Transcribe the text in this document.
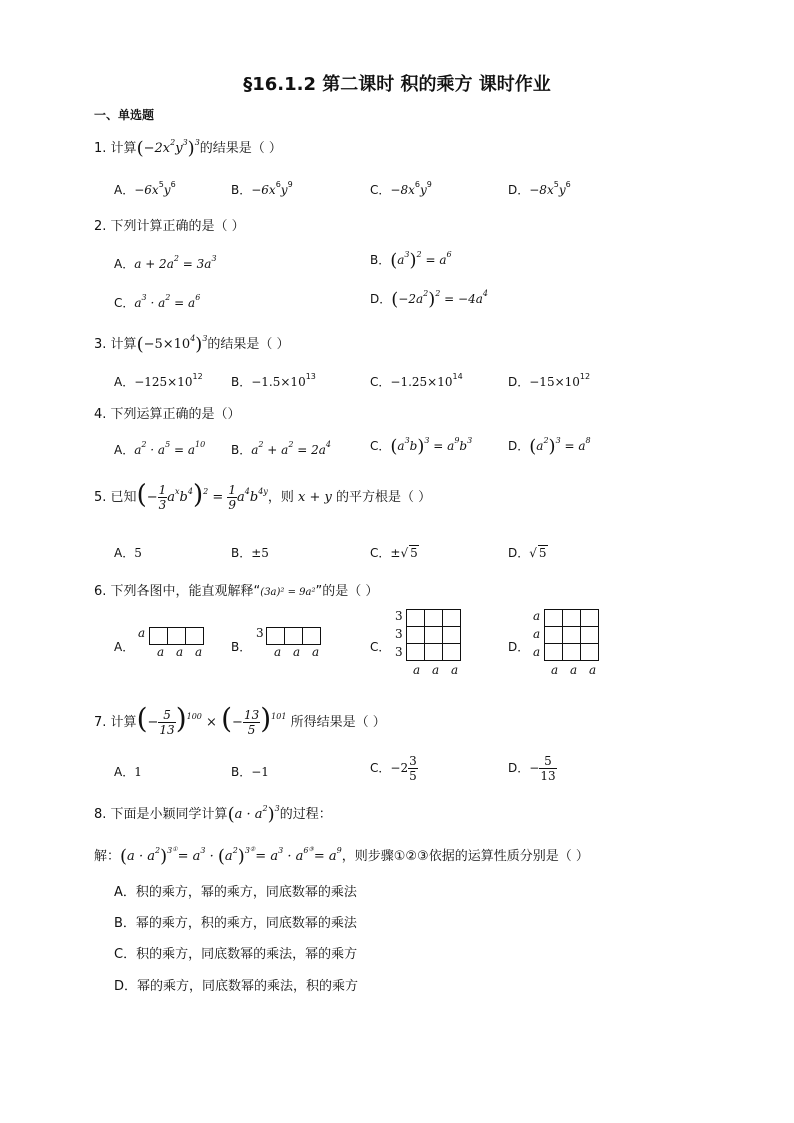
§16.1.2 第二课时 积的乘方 课时作业
一、单选题
1. 计算$(-2x^2y^3)^3$的结果是（ ）
A．$-6x^5y^6$	B．$-6x^6y^9$	C．$-8x^6y^9$	D．$-8x^5y^6$
2. 下列计算正确的是（ ）
A．$a + 2a^2 = 3a^3$	B．$(a^3)^2 = a^6$
C．$a^3 \cdot a^2 = a^6$	D．$(-2a^2)^2 = -4a^4$
3. 计算$(-5\times 10^4)^3$的结果是（ ）
A．$-125\times 10^{12}$ B．$-1.5\times 10^{13}$	C．$-1.25\times 10^{14}$	D．$-15\times 10^{12}$
4. 下列运算正确的是（）
A．$a^2 \cdot a^5 = a^{10}$ B．$a^2 + a^2 = 2a^4$	C．$(a^3b)^3 = a^9b^3$	D．$(a^2)^3 = a^8$
5. 已知(− $\frac{1}{3} a^xb^4)^2 = \frac{1}{9} a^4b^{4y}$，则 x + y 的平方根是（ ）
A．5	B．±5	C．±√ 5	D．√ 5
6. 下列各图中，能直观解释“(3a)² = 9a²”的是（ ）
A．
a

a a a B．
3

a a a	C．
3
3
3

a a a
D．
a
a
a

a a a
7. 计算(− $\frac{5}{13} )^{100}$ × (− $\frac{13}{5} )^{101}$ 所得结果是（ ）
A．1	B．−1	C．$-2 \frac{3}{5}$	D．− $\frac{5}{13}$
8. 下面是小颖同学计算$(a \cdot a^2)^3$的过程：
解：$(a \cdot a^2)^{3①}= a^3 \cdot (a^2)^{3②}= a^3 \cdot a^{6③}= a^9$，则步骤①②③依据的运算性质分别是（ ）
A．积的乘方，幂的乘方，同底数幂的乘法
B．幂的乘方，积的乘方，同底数幂的乘法
C．积的乘方，同底数幂的乘法，幂的乘方
D．幂的乘方，同底数幂的乘法，积的乘方
